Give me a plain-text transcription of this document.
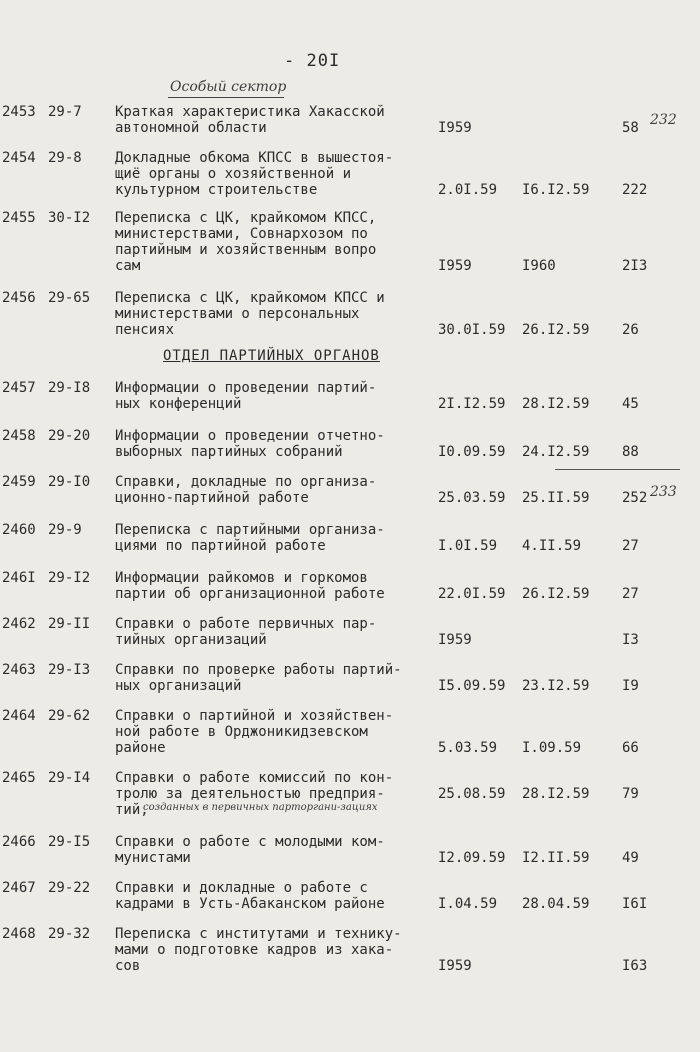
- 20I
Особый сектор
ОТДЕЛ ПАРТИЙНЫХ ОРГАНОВ
232
233
созданных в первичных парторгани-зациях
2453 29-7 Краткая характеристика Хакасской
автономной области	I959	58
2454 29-8 Докладные обкома КПСС в вышестоя-
щиё органы о хозяйственной и
культурном строительстве	2.0I.59 I6.I2.59 222
2455 30-I2 Переписка с ЦК, крайкомом КПСС,
министерствами, Совнархозом по
партийным и хозяйственным вопро
сам	I959	I960	2I3
2456 29-65 Переписка с ЦК, крайкомом КПСС и
министерствами о персональных
пенсиях	30.0I.59 26.I2.59 26
2457 29-I8 Информации о проведении партий-
ных конференций	2I.I2.59 28.I2.59 45
2458 29-20 Информации о проведении отчетно-
выборных партийных собраний	I0.09.59 24.I2.59 88
2459 29-I0 Справки, докладные по организа-
ционно-партийной работе	25.03.59 25.II.59 252
2460 29-9 Переписка с партийными организа-
циями по партийной работе	I.0I.59 4.II.59	27
246I 29-I2 Информации райкомов и горкомов
партии об организационной работе	22.0I.59 26.I2.59 27
2462 29-II Справки о работе первичных пар-
тийных организаций	I959	I3
2463 29-I3 Справки по проверке работы партий-
ных организаций	I5.09.59 23.I2.59 I9
2464 29-62 Справки о партийной и хозяйствен-
ной работе в Орджоникидзевском
районе	5.03.59 I.09.59	66
2465 29-I4 Справки о работе комиссий по кон-
тролю за деятельностью предприя-
тий,
25.08.59 28.I2.59 79
2466 29-I5 Справки о работе с молодыми ком-
мунистами	I2.09.59 I2.II.59 49
2467 29-22 Справки и докладные о работе с
кадрами в Усть-Абаканском районе	I.04.59 28.04.59 I6I
2468 29-32 Переписка с институтами и техникy-
мами о подготовке кадров из хака-
сов	I959	I63
